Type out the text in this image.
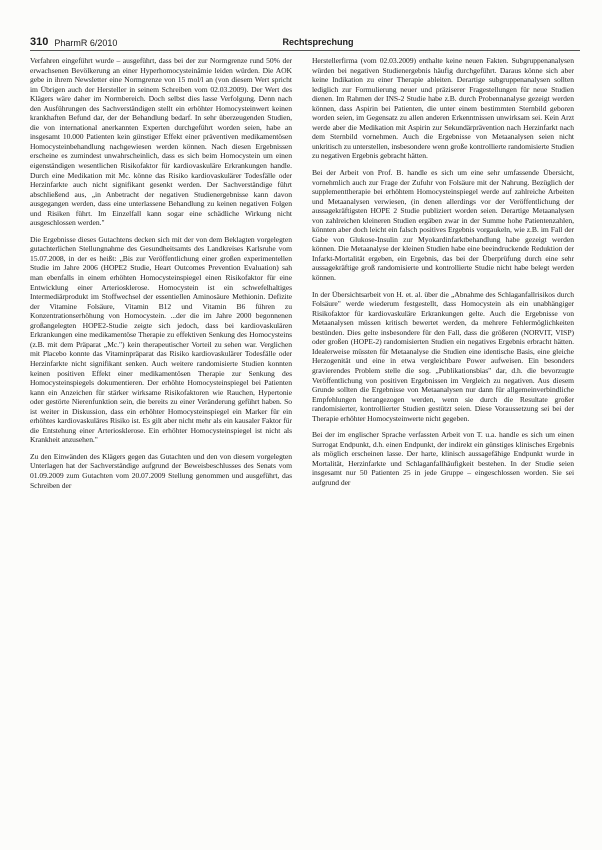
310 PharmR 6/2010	Rechtsprechung

Verfahren eingeführt wurde – ausgeführt, dass bei der zur Normgrenze rund 50% der erwachsenen Bevölkerung an einer Hyperhomocysteinämie leiden würden. Die AOK gebe in ihrem Newsletter eine Normgrenze von 15 mol/l an (von diesem Wert spricht im Übrigen auch der Hersteller in seinem Schreiben vom 02.03.2009). Der Wert des Klägers wäre daher im Normbereich. Doch selbst dies lasse Verfolgung. Denn nach den Ausführungen des Sachverständigen stellt ein erhöhter Homocysteinwert keinen krankhaften Befund dar, der der Behandlung bedarf. In sehr überzeugenden Studien, die von international anerkannten Experten durchgeführt worden seien, habe an insgesamt 10.000 Patienten kein günstiger Effekt einer präventiven medikamentösen Homocysteinbehandlung nachgewiesen werden können. Nach diesen Ergebnissen erscheine es zumindest unwahrscheinlich, dass es sich beim Homocystein um einen eigenständigen wesentlichen Risikofaktor für kardiovaskuläre Erkrankungen handle. Durch eine Medikation mit Mc. könne das Risiko kardiovaskulärer Todesfälle oder Herzinfarkte auch nicht signifikant gesenkt werden. Der Sachverständige führt abschließend aus, „in Anbetracht der negativen Studienergebnisse kann davon ausgegangen werden, dass eine unterlassene Behandlung zu keinen negativen Folgen und Risiken führt. Im Einzelfall kann sogar eine schädliche Wirkung nicht ausgeschlossen werden."

Die Ergebnisse dieses Gutachtens decken sich mit der von dem Beklagten vorgelegten gutachterlichen Stellungnahme des Gesundheitsamts des Landkreises Karlsruhe vom 15.07.2008, in der es heißt: „Bis zur Veröffentlichung einer großen experimentellen Studie im Jahre 2006 (HOPE2 Studie, Heart Outcomes Prevention Evaluation) sah man ebenfalls in einem erhöhten Homocysteinspiegel einen Risikofaktor für eine Entwicklung einer Arteriosklerose. Homocystein ist ein schwefelhaltiges Intermediärprodukt im Stoffwechsel der essentiellen Aminosäure Methionin. Defizite der Vitamine Folsäure, Vitamin B12 und Vitamin B6 führen zu Konzentrationserhöhung von Homocystein. ...der die im Jahre 2000 begonnenen großangelegten HOPE2-Studie zeigte sich jedoch, dass bei kardiovaskulären Erkrankungen eine medikamentöse Therapie zu effektiven Senkung des Homocysteins (z.B. mit dem Präparat „Mc.") kein therapeutischer Vorteil zu sehen war. Verglichen mit Placebo konnte das Vitaminpräparat das Risiko kardiovaskulärer Todesfälle oder Herzinfarkte nicht signifikant senken. Auch weitere randomisierte Studien konnten keinen positiven Effekt einer medikamentösen Therapie zur Senkung des Homocysteinspiegels dokumentieren. Der erhöhte Homocysteinspiegel bei Patienten kann ein Anzeichen für stärker wirksame Risikofaktoren wie Rauchen, Hypertonie oder gestörte Nierenfunktion sein, die bereits zu einer Veränderung geführt haben. So ist weiter in Diskussion, dass ein erhöhter Homocysteinspiegel ein Marker für ein erhöhtes kardiovaskuläres Risiko ist. Es gilt aber nicht mehr als ein kausaler Faktor für die Entstehung einer Arteriosklerose. Ein erhöhter Homocysteinspiegel ist nicht als Krankheit anzusehen."

Zu den Einwänden des Klägers gegen das Gutachten und den von diesem vorgelegten Unterlagen hat der Sachverständige aufgrund der Beweisbeschlusses des Senats vom 01.09.2009 zum Gutachten vom 20.07.2009 Stellung genommen und ausgeführt, das Schreiben der

Herstellerfirma (vom 02.03.2009) enthalte keine neuen Fakten. Subgruppenanalysen würden bei negativen Studienergebnis häufig durchgeführt. Daraus könne sich aber keine Indikation zu einer Therapie ableiten. Derartige subgruppenanalysen sollten lediglich zur Formulierung neuer und präziserer Fragestellungen für neue Studien dienen. Im Rahmen der INS-2 Studie habe z.B. durch Probennanalyse gezeigt werden können, dass Aspirin bei Patienten, die unter einem bestimmten Sternbild geboren worden seien, im Gegensatz zu allen anderen Erkenntnissen unwirksam sei. Kein Arzt werde aber die Medikation mit Aspirin zur Sekundärprävention nach Herzinfarkt nach dem Sternbild vornehmen. Auch die Ergebnisse von Metaanalysen seien nicht unkritisch zu unterstellen, insbesondere wenn große kontrollierte randomisierte Studien zu negativen Ergebnis gebracht hätten.

Bei der Arbeit von Prof. B. handle es sich um eine sehr umfassende Übersicht, vornehmlich auch zur Frage der Zufuhr von Folsäure mit der Nahrung. Bezüglich der supplementtherapie bei erhöhtem Homocysteinspiegel werde auf zahlreiche Arbeiten und Metaanalysen verwiesen, (in denen allerdings vor der Veröffentlichung der aussagekräftigsten HOPE 2 Studie publiziert worden seien. Derartige Metaanalysen von zahlreichen kleineren Studien ergäben zwar in der Summe hohe Patientenzahlen, könnten aber doch leicht ein falsch positives Ergebnis vorgaukeln, wie z.B. im Fall der Gabe von Glukose-Insulin zur Myokardinfarktbehandlung habe gezeigt werden können. Die Metaanalyse der kleinen Studien habe eine beeindruckende Reduktion der Infarkt-Mortalität ergeben, ein Ergebnis, das bei der Überprüfung durch eine sehr aussagekräftige groß randomisierte und kontrollierte Studie nicht habe belegt werden können.

In der Übersichtsarbeit von H. et. al. über die „Abnahme des Schlaganfallrisikos durch Folsäure" werde wiederum festgestellt, dass Homocystein als ein unabhängiger Risikofaktor für kardiovaskuläre Erkrankungen gelte. Auch die Ergebnisse von Metaanalysen müssen kritisch bewertet werden, da mehrere Fehlermöglichkeiten bestünden. Dies gelte insbesondere für den Fall, dass die größeren (NORVIT, VISP) oder großen (HOPE-2) randomisierten Studien ein negatives Ergebnis erbracht hätten. Idealerweise müssten für Metaanalyse die Studien eine identische Basis, eine gleiche Herzogenität und eine in etwa vergleichbare Power aufweisen. Ein besonders gravierendes Problem stelle die sog. „Publikationsbias" dar, d.h. die bevorzugte Veröffentlichung von positiven Ergebnissen im Vergleich zu negativen. Aus diesem Grunde sollten die Ergebnisse von Metaanalysen nur dann für allgemeinverbindliche Empfehlungen herangezogen werden, wenn sie durch die Resultate großer randomisierter, kontrollierter Studien gestützt seien. Diese Voraussetzung sei bei der Therapie erhöhter Homocysteinwerte nicht gegeben.

Bei der im englischer Sprache verfassten Arbeit von T. u.a. handle es sich um einen Surrogat Endpunkt, d.h. einen Endpunkt, der indirekt ein günstiges klinisches Ergebnis als möglich erscheinen lasse. Der harte, klinisch aussagefähige Endpunkt wurde in Mortalität, Herzinfarkte und Schlaganfallhäufigkeit bestehen. In der Studie seien insgesamt nur 50 Patienten 25 in jede Gruppe – eingeschlossen worden. Sie sei aufgrund der
